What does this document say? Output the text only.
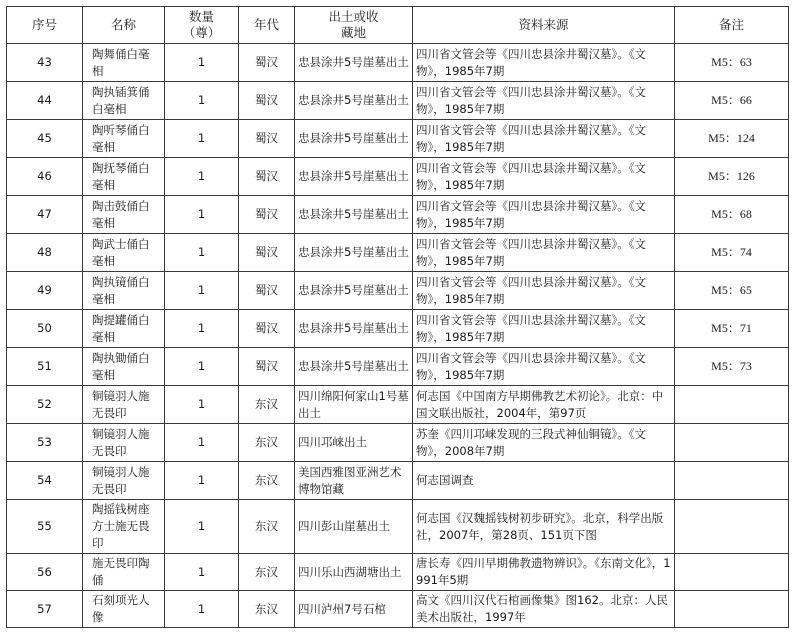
序号	名称	数量（尊）	年代	出土或收藏地	资料来源	备注

43	陶舞俑白毫相	1	蜀汉	忠县涂井5号崖墓出土	四川省文管会等《四川忠县涂井蜀汉墓》。《文物》，1985年7期	M5：63

44	陶执锸箕俑白毫相	1	蜀汉	忠县涂井5号崖墓出土	四川省文管会等《四川忠县涂井蜀汉墓》。《文物》，1985年7期	M5：66

45	陶听琴俑白毫相	1	蜀汉	忠县涂井5号崖墓出土	四川省文管会等《四川忠县涂井蜀汉墓》。《文物》，1985年7期	M5：124

46	陶抚琴俑白毫相	1	蜀汉	忠县涂井5号崖墓出土	四川省文管会等《四川忠县涂井蜀汉墓》。《文物》，1985年7期	M5：126

47	陶击鼓俑白毫相	1	蜀汉	忠县涂井5号崖墓出土	四川省文管会等《四川忠县涂井蜀汉墓》。《文物》，1985年7期	M5：68

48	陶武士俑白毫相	1	蜀汉	忠县涂井5号崖墓出土	四川省文管会等《四川忠县涂井蜀汉墓》。《文物》，1985年7期	M5：74

49	陶执镜俑白毫相	1	蜀汉	忠县涂井5号崖墓出土	四川省文管会等《四川忠县涂井蜀汉墓》。《文物》，1985年7期	M5：65

50	陶提罐俑白毫相	1	蜀汉	忠县涂井5号崖墓出土	四川省文管会等《四川忠县涂井蜀汉墓》。《文物》，1985年7期	M5：71

51	陶执锄俑白毫相	1	蜀汉	忠县涂井5号崖墓出土	四川省文管会等《四川忠县涂井蜀汉墓》。《文物》，1985年7期	M5：73

52	铜镜羽人施无畏印	1	东汉	四川绵阳何家山1号墓出土	何志国《中国南方早期佛教艺术初论》。北京：中国文联出版社，2004年，第97页	

53	铜镜羽人施无畏印	1	东汉	四川邛崃出土	苏奎《四川邛崃发现的三段式神仙铜镜》。《文物》，2008年7期	

54	铜镜羽人施无畏印	1	东汉	美国西雅图亚洲艺术博物馆藏	何志国调查	

55	陶摇钱树座方士施无畏印	1	东汉	四川彭山崖墓出土	何志国《汉魏摇钱树初步研究》。北京，科学出版社，2007年，第28页、151页下图	

56	施无畏印陶俑	1	东汉	四川乐山西湖塘出土	唐长寿《四川早期佛教遗物辨识》。《东南文化》，1991年5期	

57	石刻项光人像	1	东汉	四川泸州7号石棺	高文《四川汉代石棺画像集》图162。北京：人民美术出版社，1997年	
